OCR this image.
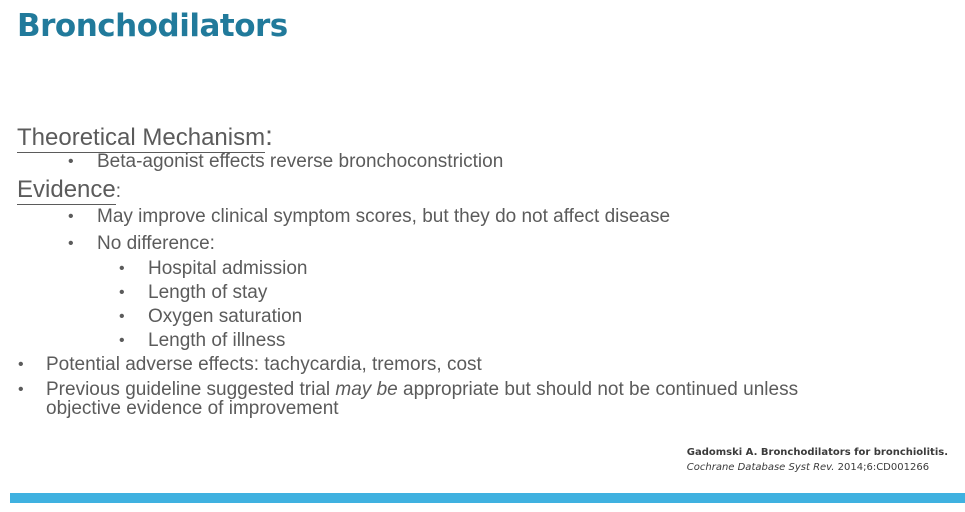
Bronchodilators
Theoretical Mechanism:
• Beta-agonist effects reverse bronchoconstriction
Evidence:
• May improve clinical symptom scores, but they do not affect disease
• No difference:
• Hospital admission
• Length of stay
• Oxygen saturation
• Length of illness
• Potential adverse effects: tachycardia, tremors, cost
• Previous guideline suggested trial may be appropriate but should not be continued unless objective evidence of improvement
Gadomski A. Bronchodilators for bronchiolitis.
Cochrane Database Syst Rev. 2014;6:CD001266
